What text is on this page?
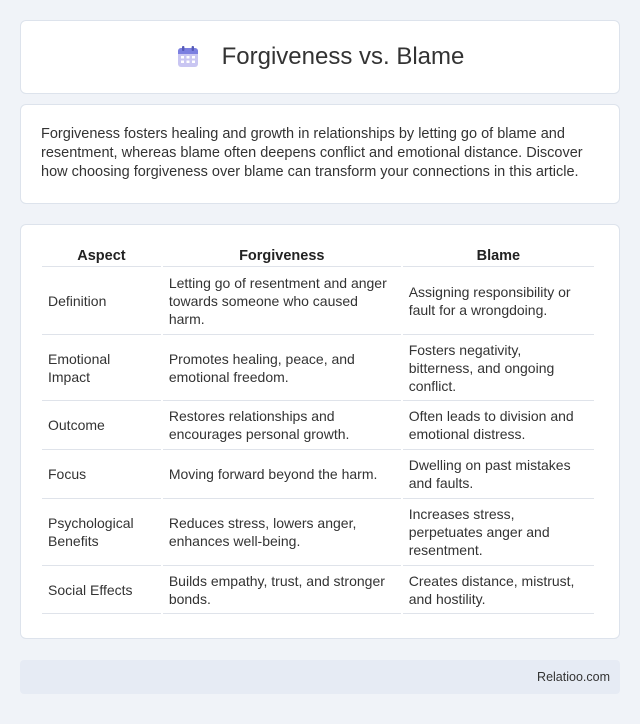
Forgiveness vs. Blame

Forgiveness fosters healing and growth in relationships by letting go of blame and resentment, whereas blame often deepens conflict and emotional distance. Discover how choosing forgiveness over blame can transform your connections in this article.

Aspect	Forgiveness	Blame
Definition	Letting go of resentment and anger towards someone who caused harm.	Assigning responsibility or fault for a wrongdoing.
Emotional Impact	Promotes healing, peace, and emotional freedom.	Fosters negativity, bitterness, and ongoing conflict.
Outcome	Restores relationships and encourages personal growth.	Often leads to division and emotional distress.
Focus	Moving forward beyond the harm.	Dwelling on past mistakes and faults.
Psychological Benefits	Reduces stress, lowers anger, enhances well-being.	Increases stress, perpetuates anger and resentment.
Social Effects	Builds empathy, trust, and stronger bonds.	Creates distance, mistrust, and hostility.
Relatioo.com
